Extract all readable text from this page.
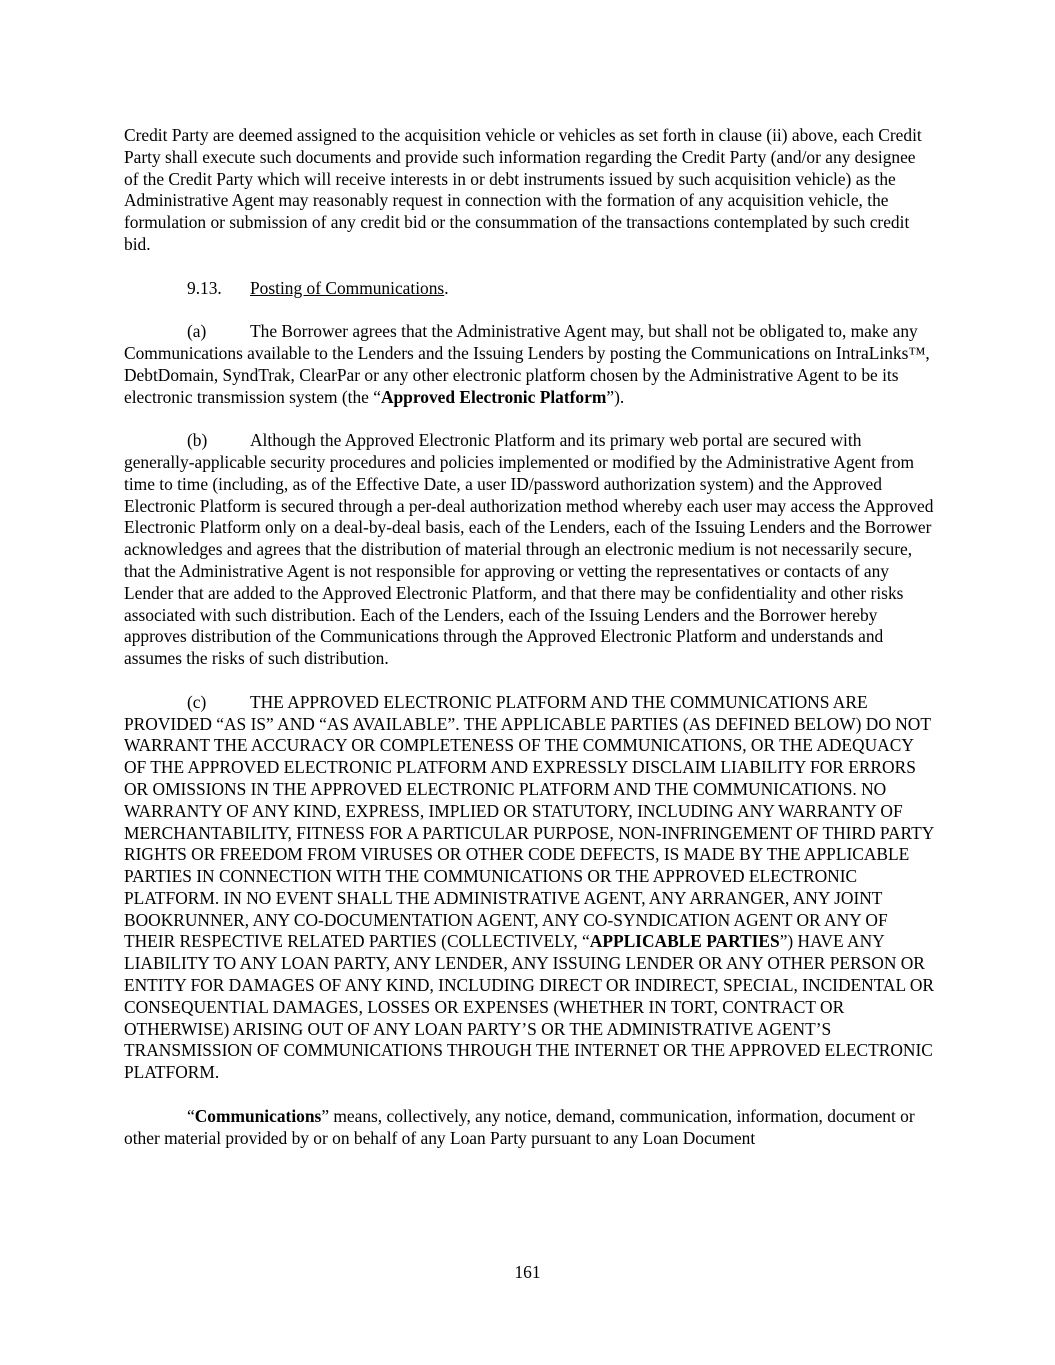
Credit Party are deemed assigned to the acquisition vehicle or vehicles as set forth in clause (ii) above, each Credit Party shall execute such documents and provide such information regarding the Credit Party (and/or any designee of the Credit Party which will receive interests in or debt instruments issued by such acquisition vehicle) as the Administrative Agent may reasonably request in connection with the formation of any acquisition vehicle, the formulation or submission of any credit bid or the consummation of the transactions contemplated by such credit bid.

9.13. Posting of Communications.

(a)	The Borrower agrees that the Administrative Agent may, but shall not be obligated to, make any Communications available to the Lenders and the Issuing Lenders by posting the Communications on IntraLinks™, DebtDomain, SyndTrak, ClearPar or any other electronic platform chosen by the Administrative Agent to be its electronic transmission system (the “Approved Electronic Platform”).

(b) Although the Approved Electronic Platform and its primary web portal are secured with generally-applicable security procedures and policies implemented or modified by the Administrative Agent from time to time (including, as of the Effective Date, a user ID/password authorization system) and the Approved Electronic Platform is secured through a per-deal authorization method whereby each user may access the Approved Electronic Platform only on a deal-by-deal basis, each of the Lenders, each of the Issuing Lenders and the Borrower acknowledges and agrees that the distribution of material through an electronic medium is not necessarily secure, that the Administrative Agent is not responsible for approving or vetting the representatives or contacts of any Lender that are added to the Approved Electronic Platform, and that there may be confidentiality and other risks associated with such distribution. Each of the Lenders, each of the Issuing Lenders and the Borrower hereby approves distribution of the Communications through the Approved Electronic Platform and understands and assumes the risks of such distribution.

(c)	THE APPROVED ELECTRONIC PLATFORM AND THE COMMUNICATIONS ARE PROVIDED “AS IS” AND “AS AVAILABLE”. THE APPLICABLE PARTIES (AS DEFINED BELOW) DO NOT WARRANT THE ACCURACY OR COMPLETENESS OF THE COMMUNICATIONS, OR THE ADEQUACY OF THE APPROVED ELECTRONIC PLATFORM AND EXPRESSLY DISCLAIM LIABILITY FOR ERRORS OR OMISSIONS IN THE APPROVED ELECTRONIC PLATFORM AND THE COMMUNICATIONS. NO WARRANTY OF ANY KIND, EXPRESS, IMPLIED OR STATUTORY, INCLUDING ANY WARRANTY OF MERCHANTABILITY, FITNESS FOR A PARTICULAR PURPOSE, NON-INFRINGEMENT OF THIRD PARTY RIGHTS OR FREEDOM FROM VIRUSES OR OTHER CODE DEFECTS, IS MADE BY THE APPLICABLE PARTIES IN CONNECTION WITH THE COMMUNICATIONS OR THE APPROVED ELECTRONIC PLATFORM. IN NO EVENT SHALL THE ADMINISTRATIVE AGENT, ANY ARRANGER, ANY JOINT BOOKRUNNER, ANY CO-DOCUMENTATION AGENT, ANY CO-SYNDICATION AGENT OR ANY OF THEIR RESPECTIVE RELATED PARTIES (COLLECTIVELY, “APPLICABLE PARTIES”) HAVE ANY LIABILITY TO ANY LOAN PARTY, ANY LENDER, ANY ISSUING LENDER OR ANY OTHER PERSON OR ENTITY FOR DAMAGES OF ANY KIND, INCLUDING DIRECT OR INDIRECT, SPECIAL, INCIDENTAL OR CONSEQUENTIAL DAMAGES, LOSSES OR EXPENSES (WHETHER IN TORT, CONTRACT OR OTHERWISE) ARISING OUT OF ANY LOAN PARTY’S OR THE ADMINISTRATIVE AGENT’S TRANSMISSION OF COMMUNICATIONS THROUGH THE INTERNET OR THE APPROVED ELECTRONIC PLATFORM.

“Communications” means, collectively, any notice, demand, communication, information, document or other material provided by or on behalf of any Loan Party pursuant to any Loan Document

161
